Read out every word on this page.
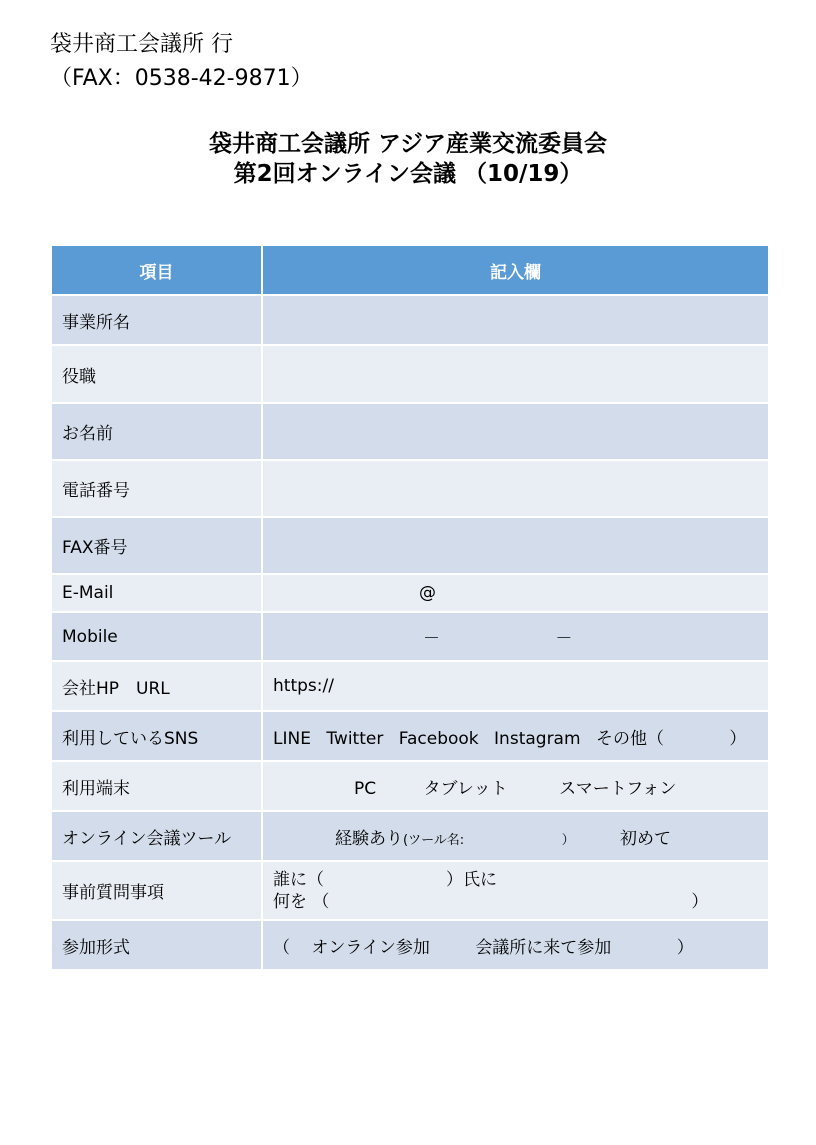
袋井商工会議所 行
（FAX：0538-42-9871）
袋井商工会議所 アジア産業交流委員会
第2回オンライン会議 （10/19）
項目	記入欄
事業所名	
役職	
お名前	
電話番号	
FAX番号	
E-Mail	@
Mobile	－ －
会社HP　URL	https://
利用しているSNS	LINE Twitter Facebook Instagram その他（ ）
利用端末	PC タブレット スマートフォン
オンライン会議ツール	経験あり(ツール名: ） 初めて
事前質問事項	誰に（ ）氏に
何を （ ）

参加形式	（ オンライン参加 会議所に来て参加 ）
